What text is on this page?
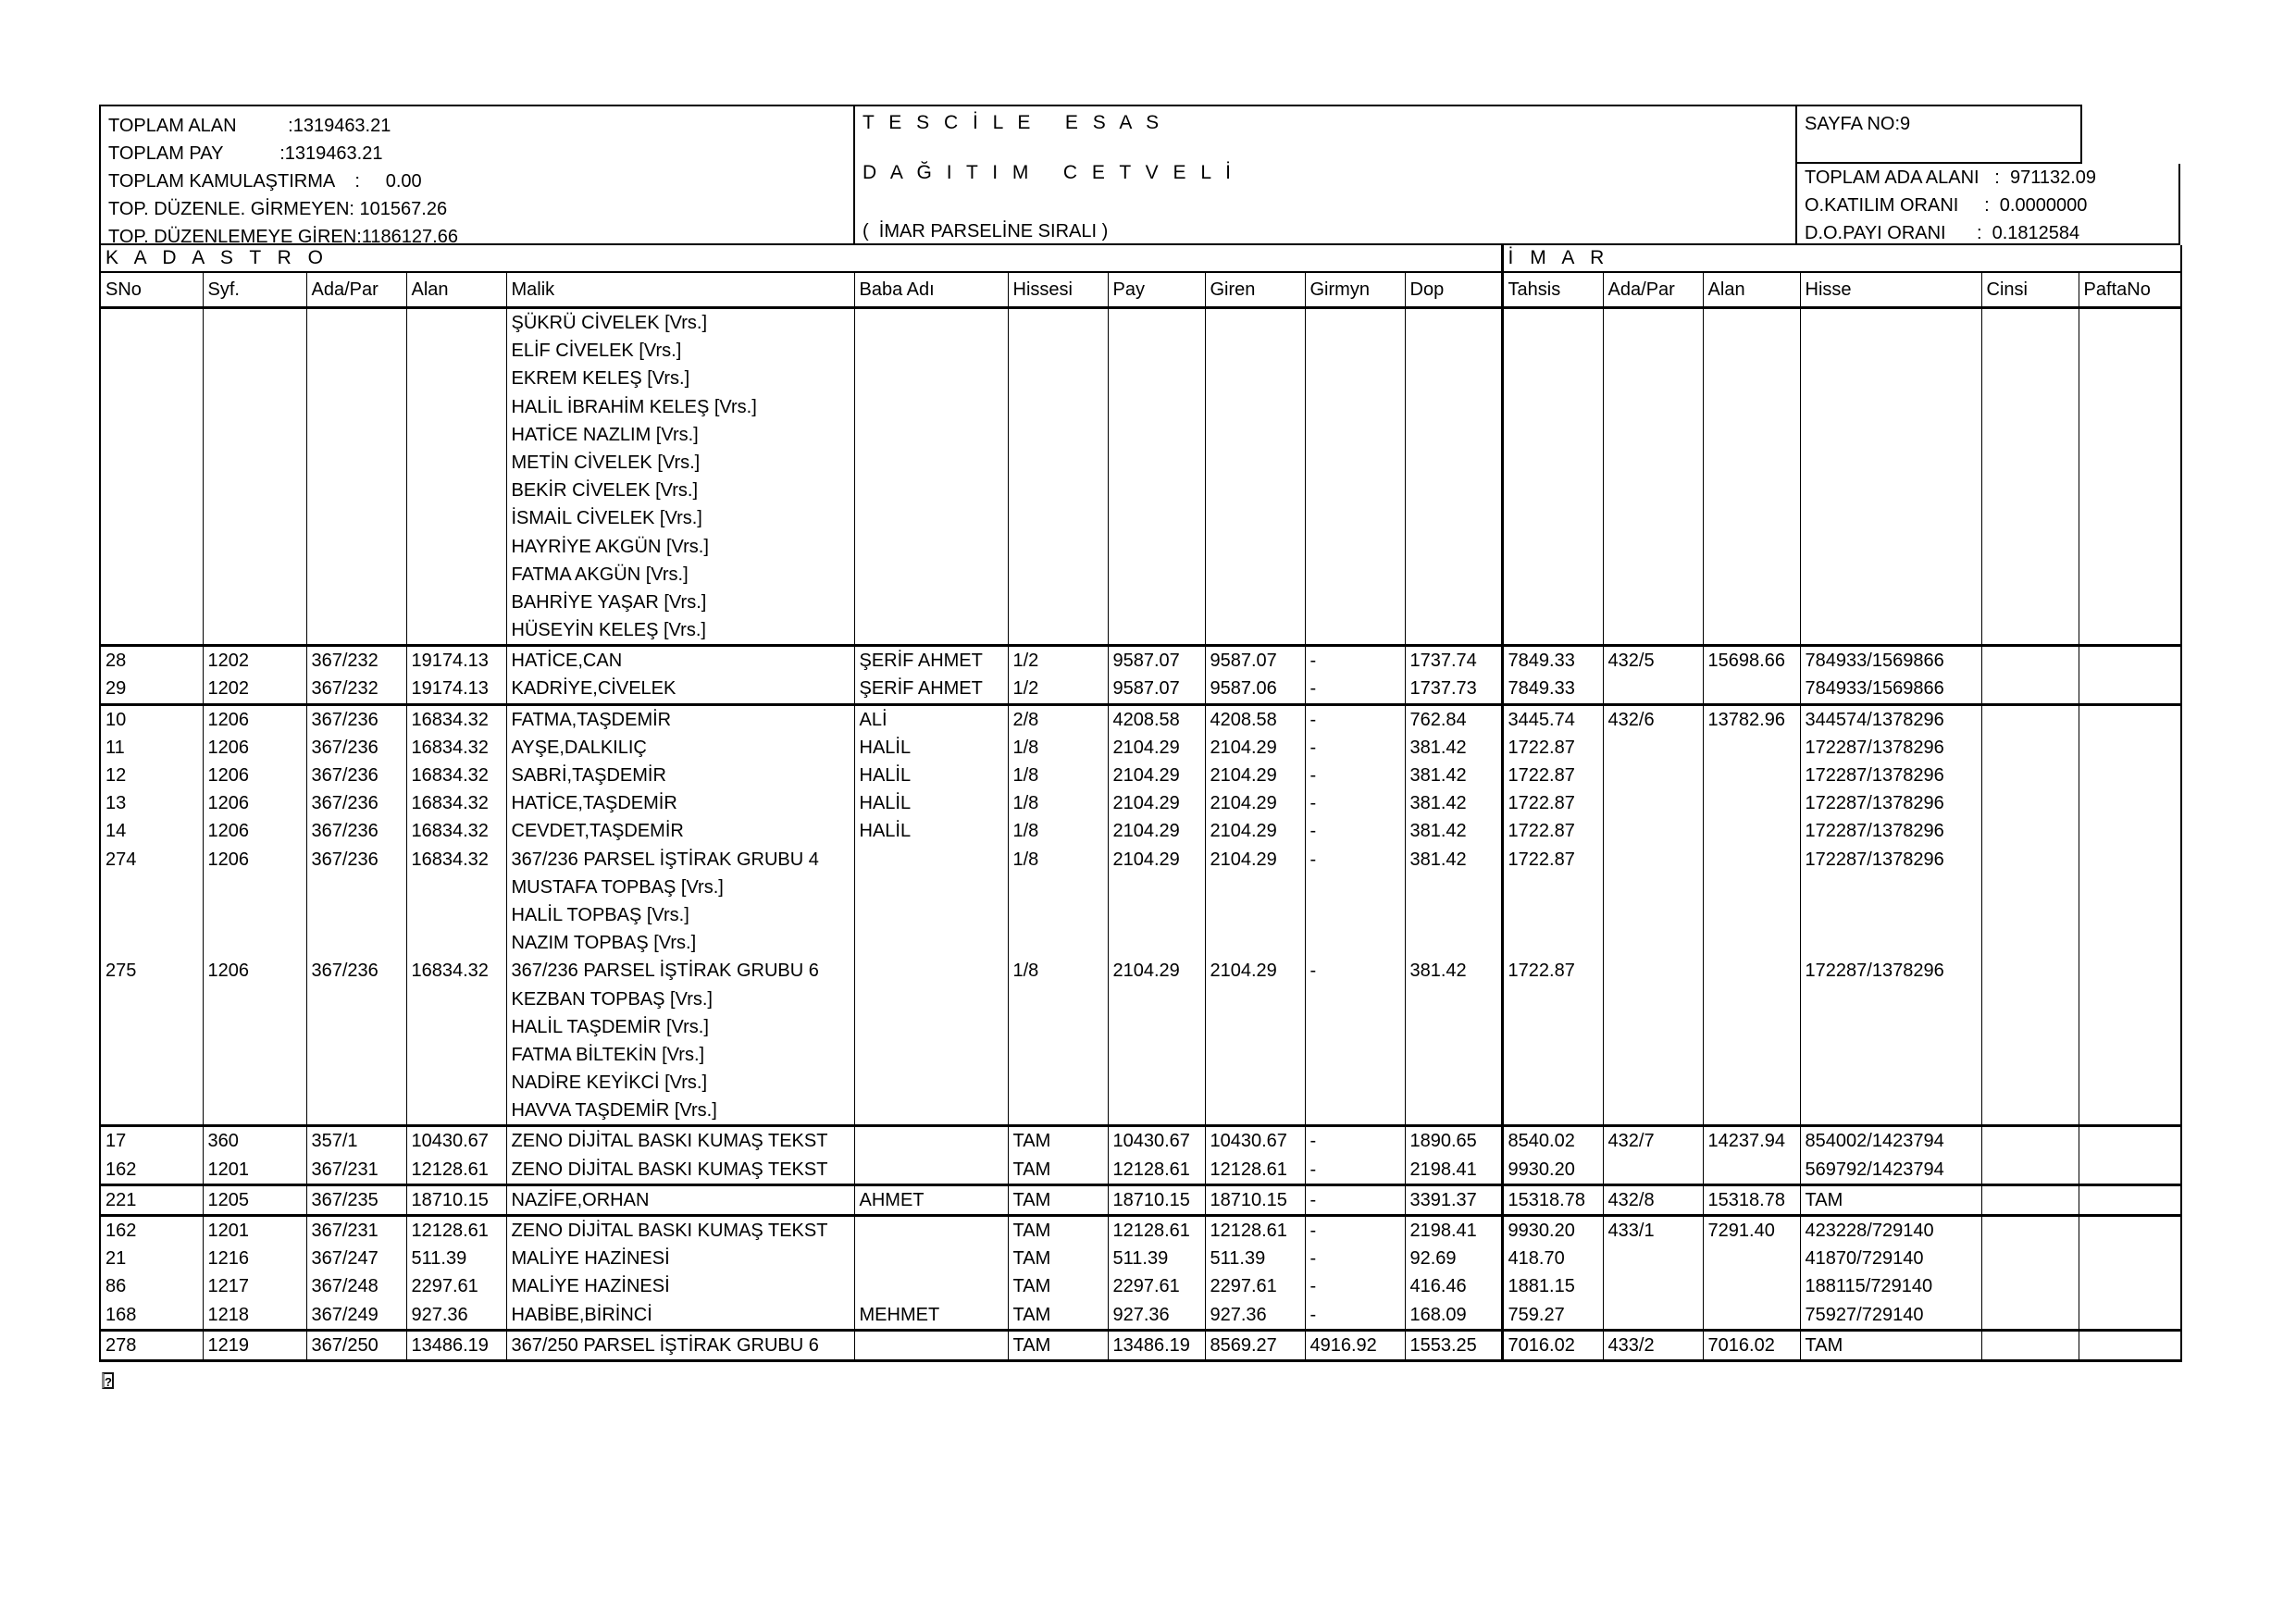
TOPLAM ALAN          :1319463.21
TOPLAM PAY           :1319463.21
TOPLAM KAMULAŞTIRMA    :     0.00
TOP. DÜZENLE. GİRMEYEN: 101567.26
TOP. DÜZENLEMEYE GİREN:1186127.66
T E S C İ L E   E S A S
D A Ğ I T I M   C E T V E L İ
(  İMAR PARSELİNE SIRALI )
TOPLAM ADA ALANI   :  971132.09
O.KATILIM ORANI     :  0.0000000
D.O.PAYI ORANI      :  0.1812584
SAYFA NO:9
K A D A S T R O											İ M A R					
SNo	Syf.	Ada/Par	Alan	Malik	Baba Adı	Hissesi	Pay	Giren	Girmyn	Dop	Tahsis	Ada/Par	Alan	Hisse	Cinsi	PaftaNo
				ŞÜKRÜ CİVELEK [Vrs.]												
				ELİF CİVELEK [Vrs.]												
				EKREM KELEŞ [Vrs.]												
				HALİL İBRAHİM KELEŞ [Vrs.]												
				HATİCE NAZLIM [Vrs.]												
				METİN CİVELEK [Vrs.]												
				BEKİR CİVELEK [Vrs.]												
				İSMAİL CİVELEK [Vrs.]												
				HAYRİYE AKGÜN [Vrs.]												
				FATMA AKGÜN [Vrs.]												
				BAHRİYE YAŞAR [Vrs.]												
				HÜSEYİN KELEŞ [Vrs.]												
28	1202	367/232	19174.13	HATİCE,CAN	ŞERİF AHMET	1/2	9587.07	9587.07	-	1737.74	7849.33	432/5	15698.66	784933/1569866		
29	1202	367/232	19174.13	KADRİYE,CİVELEK	ŞERİF AHMET	1/2	9587.07	9587.06	-	1737.73	7849.33			784933/1569866		
10	1206	367/236	16834.32	FATMA,TAŞDEMİR	ALİ	2/8	4208.58	4208.58	-	762.84	3445.74	432/6	13782.96	344574/1378296		
11	1206	367/236	16834.32	AYŞE,DALKILIÇ	HALİL	1/8	2104.29	2104.29	-	381.42	1722.87			172287/1378296		
12	1206	367/236	16834.32	SABRİ,TAŞDEMİR	HALİL	1/8	2104.29	2104.29	-	381.42	1722.87			172287/1378296		
13	1206	367/236	16834.32	HATİCE,TAŞDEMİR	HALİL	1/8	2104.29	2104.29	-	381.42	1722.87			172287/1378296		
14	1206	367/236	16834.32	CEVDET,TAŞDEMİR	HALİL	1/8	2104.29	2104.29	-	381.42	1722.87			172287/1378296		
274	1206	367/236	16834.32	367/236 PARSEL İŞTİRAK GRUBU 4		1/8	2104.29	2104.29	-	381.42	1722.87			172287/1378296		
				MUSTAFA TOPBAŞ [Vrs.]												
				HALİL TOPBAŞ [Vrs.]												
				NAZIM TOPBAŞ [Vrs.]												
275	1206	367/236	16834.32	367/236 PARSEL İŞTİRAK GRUBU 6		1/8	2104.29	2104.29	-	381.42	1722.87			172287/1378296		
				KEZBAN TOPBAŞ [Vrs.]												
				HALİL TAŞDEMİR [Vrs.]												
				FATMA BİLTEKİN [Vrs.]												
				NADİRE KEYİKCİ [Vrs.]												
				HAVVA TAŞDEMİR [Vrs.]												
17	360	357/1	10430.67	ZENO DİJİTAL BASKI KUMAŞ TEKST		TAM	10430.67	10430.67	-	1890.65	8540.02	432/7	14237.94	854002/1423794		
162	1201	367/231	12128.61	ZENO DİJİTAL BASKI KUMAŞ TEKST		TAM	12128.61	12128.61	-	2198.41	9930.20			569792/1423794		
221	1205	367/235	18710.15	NAZİFE,ORHAN	AHMET	TAM	18710.15	18710.15	-	3391.37	15318.78	432/8	15318.78	TAM		
162	1201	367/231	12128.61	ZENO DİJİTAL BASKI KUMAŞ TEKST		TAM	12128.61	12128.61	-	2198.41	9930.20	433/1	7291.40	423228/729140		
21	1216	367/247	511.39	MALİYE HAZİNESİ		TAM	511.39	511.39	-	92.69	418.70			41870/729140		
86	1217	367/248	2297.61	MALİYE HAZİNESİ		TAM	2297.61	2297.61	-	416.46	1881.15			188115/729140		
168	1218	367/249	927.36	HABİBE,BİRİNCİ	MEHMET	TAM	927.36	927.36	-	168.09	759.27			75927/729140		
278	1219	367/250	13486.19	367/250 PARSEL İŞTİRAK GRUBU 6		TAM	13486.19	8569.27	4916.92	1553.25	7016.02	433/2	7016.02	TAM		
?
